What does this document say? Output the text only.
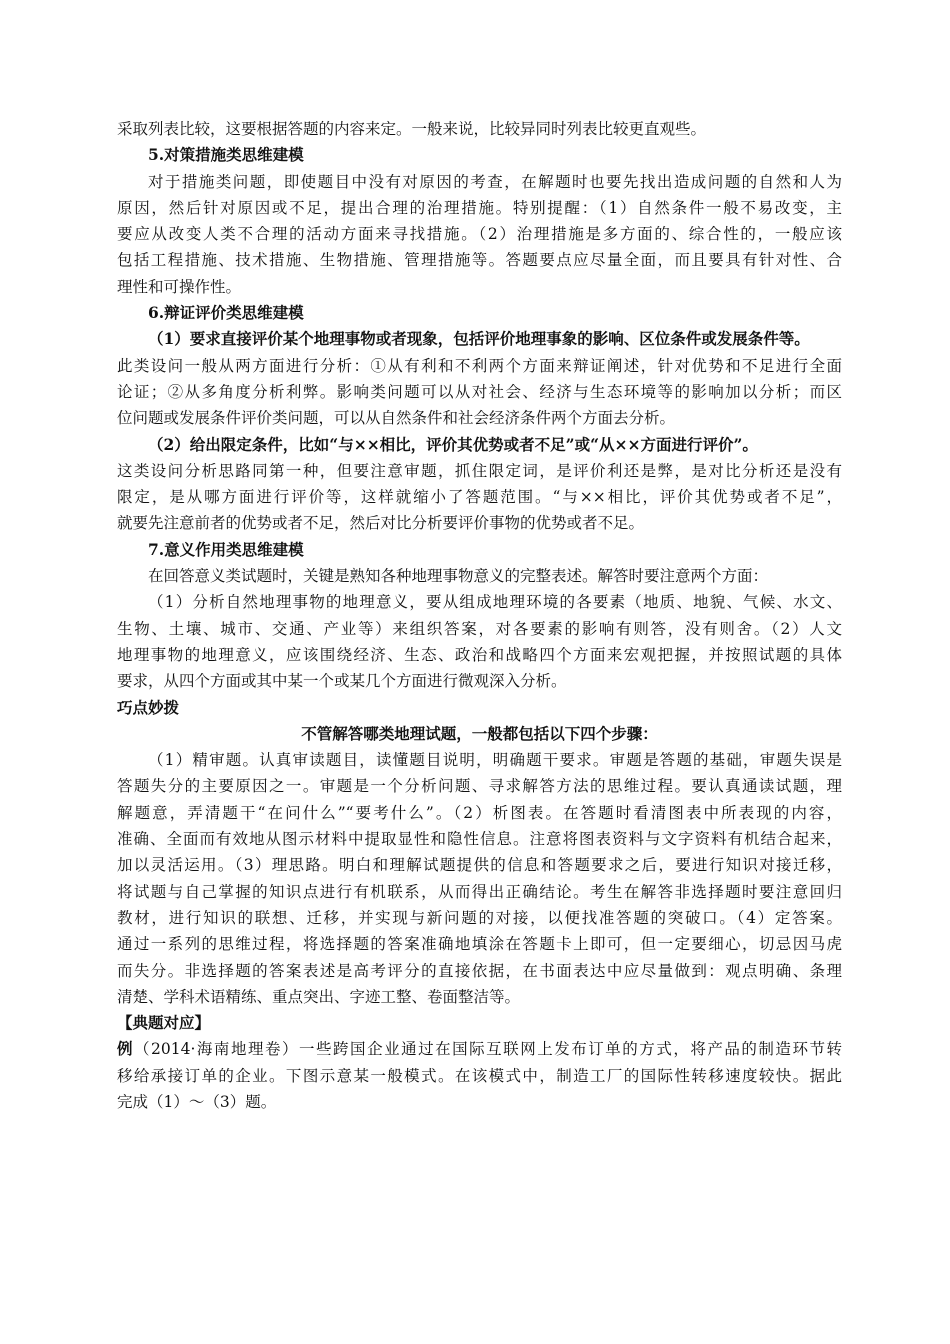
采取列表比较，这要根据答题的内容来定。一般来说，比较异同时列表比较更直观些。
5.对策措施类思维建模
对于措施类问题，即使题目中没有对原因的考查，在解题时也要先找出造成问题的自然和人为
原因，然后针对原因或不足，提出合理的治理措施。特别提醒：（1）自然条件一般不易改变，主
要应从改变人类不合理的活动方面来寻找措施。（2）治理措施是多方面的、综合性的，一般应该
包括工程措施、技术措施、生物措施、管理措施等。答题要点应尽量全面，而且要具有针对性、合
理性和可操作性。
6.辩证评价类思维建模
（1）要求直接评价某个地理事物或者现象，包括评价地理事象的影响、区位条件或发展条件等。
此类设问一般从两方面进行分析：①从有利和不利两个方面来辩证阐述，针对优势和不足进行全面
论证；②从多角度分析利弊。影响类问题可以从对社会、经济与生态环境等的影响加以分析；而区
位问题或发展条件评价类问题，可以从自然条件和社会经济条件两个方面去分析。
（2）给出限定条件，比如“与××相比，评价其优势或者不足”或“从××方面进行评价”。
这类设问分析思路同第一种，但要注意审题，抓住限定词，是评价利还是弊，是对比分析还是没有
限定，是从哪方面进行评价等，这样就缩小了答题范围。“与××相比，评价其优势或者不足”，
就要先注意前者的优势或者不足，然后对比分析要评价事物的优势或者不足。
7.意义作用类思维建模
在回答意义类试题时，关键是熟知各种地理事物意义的完整表述。解答时要注意两个方面：
（1）分析自然地理事物的地理意义，要从组成地理环境的各要素（地质、地貌、气候、水文、
生物、土壤、城市、交通、产业等）来组织答案，对各要素的影响有则答，没有则舍。（2）人文
地理事物的地理意义，应该围绕经济、生态、政治和战略四个方面来宏观把握，并按照试题的具体
要求，从四个方面或其中某一个或某几个方面进行微观深入分析。
巧点妙拨
不管解答哪类地理试题，一般都包括以下四个步骤：
（1）精审题。认真审读题目，读懂题目说明，明确题干要求。审题是答题的基础，审题失误是
答题失分的主要原因之一。审题是一个分析问题、寻求解答方法的思维过程。要认真通读试题，理
解题意，弄清题干“在问什么”“要考什么”。（2）析图表。在答题时看清图表中所表现的内容，
准确、全面而有效地从图示材料中提取显性和隐性信息。注意将图表资料与文字资料有机结合起来，
加以灵活运用。（3）理思路。明白和理解试题提供的信息和答题要求之后，要进行知识对接迁移，
将试题与自己掌握的知识点进行有机联系，从而得出正确结论。考生在解答非选择题时要注意回归
教材，进行知识的联想、迁移，并实现与新问题的对接，以便找准答题的突破口。（4）定答案。
通过一系列的思维过程，将选择题的答案准确地填涂在答题卡上即可，但一定要细心，切忌因马虎
而失分。非选择题的答案表述是高考评分的直接依据，在书面表达中应尽量做到：观点明确、条理
清楚、学科术语精练、重点突出、字迹工整、卷面整洁等。
【典题对应】
例（2014·海南地理卷）一些跨国企业通过在国际互联网上发布订单的方式，将产品的制造环节转
移给承接订单的企业。下图示意某一般模式。在该模式中，制造工厂的国际性转移速度较快。据此
完成（1）～（3）题。
